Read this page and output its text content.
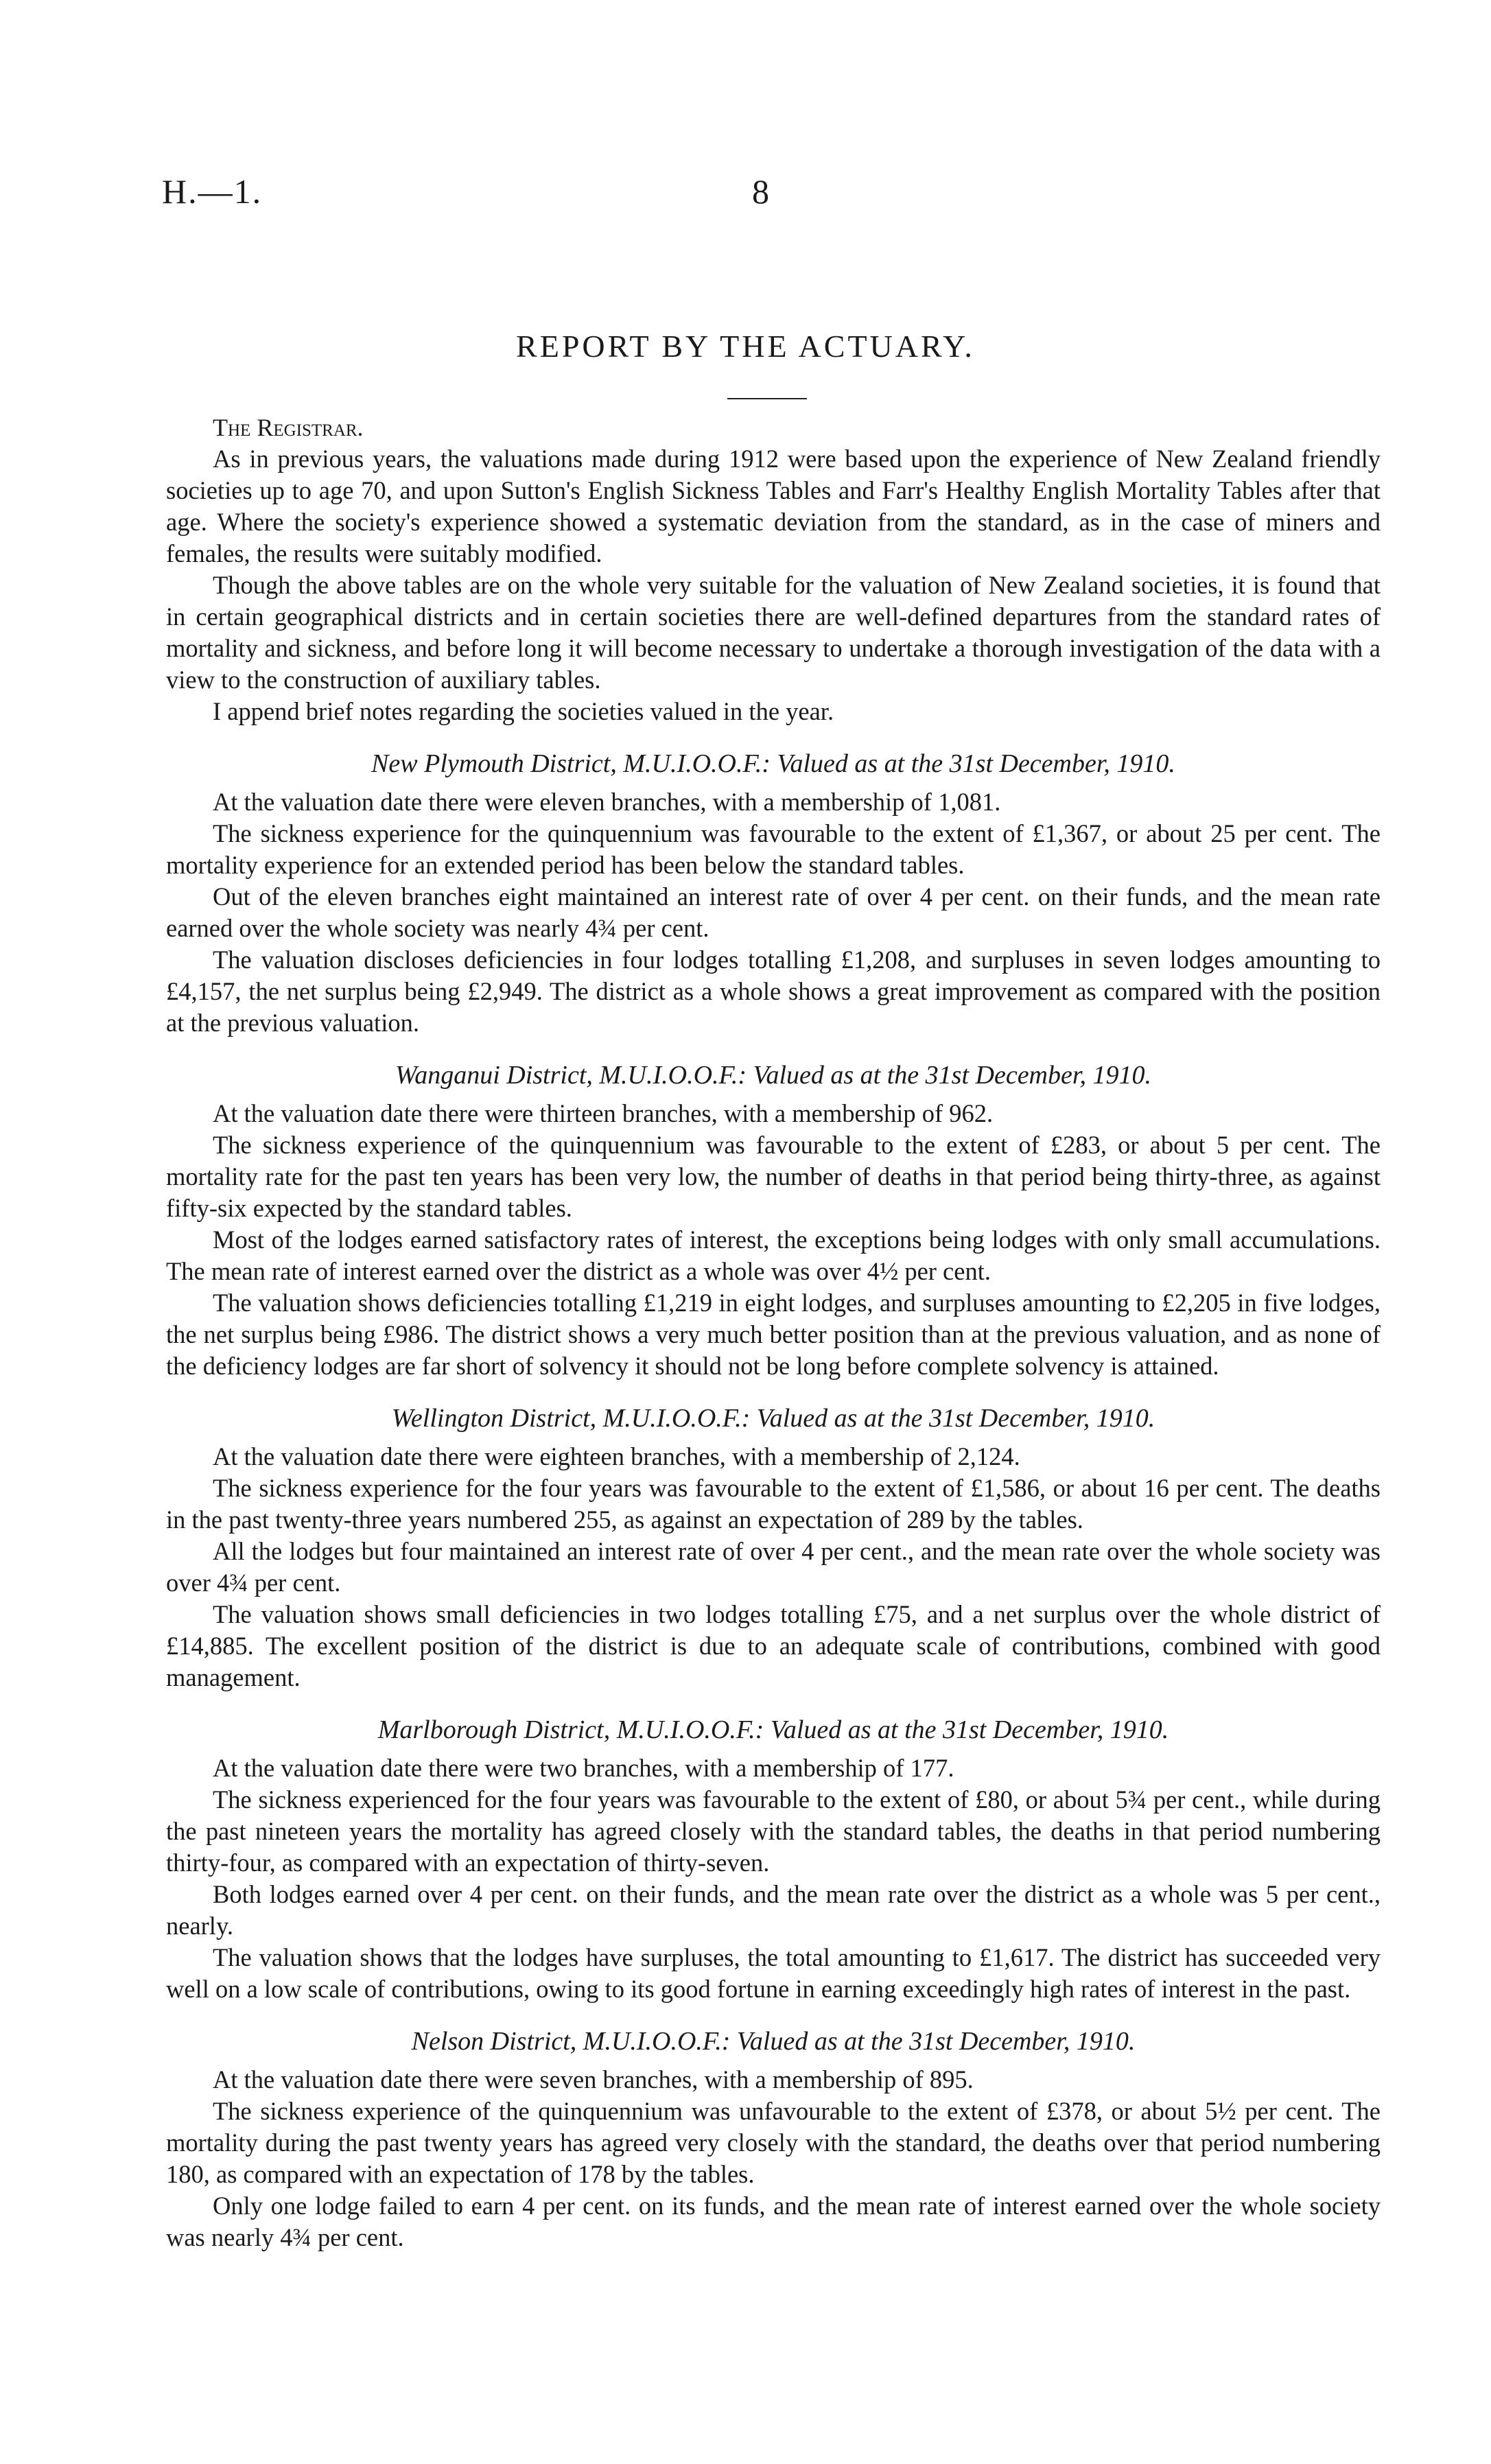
H.—1.	8
REPORT BY THE ACTUARY.

The Registrar.

As in previous years, the valuations made during 1912 were based upon the experience of New Zealand friendly societies up to age 70, and upon Sutton's English Sickness Tables and Farr's Healthy English Mortality Tables after that age. Where the society's experience showed a systematic deviation from the standard, as in the case of miners and females, the results were suitably modified.

Though the above tables are on the whole very suitable for the valuation of New Zealand societies, it is found that in certain geographical districts and in certain societies there are well-defined departures from the standard rates of mortality and sickness, and before long it will become necessary to undertake a thorough investigation of the data with a view to the construction of auxiliary tables.

I append brief notes regarding the societies valued in the year.

New Plymouth District, M.U.I.O.O.F.: Valued as at the 31st December, 1910.

At the valuation date there were eleven branches, with a membership of 1,081.

The sickness experience for the quinquennium was favourable to the extent of £1,367, or about 25 per cent. The mortality experience for an extended period has been below the standard tables.

Out of the eleven branches eight maintained an interest rate of over 4 per cent. on their funds, and the mean rate earned over the whole society was nearly 4¾ per cent.

The valuation discloses deficiencies in four lodges totalling £1,208, and surpluses in seven lodges amounting to £4,157, the net surplus being £2,949. The district as a whole shows a great improvement as compared with the position at the previous valuation.

Wanganui District, M.U.I.O.O.F.: Valued as at the 31st December, 1910.

At the valuation date there were thirteen branches, with a membership of 962.

The sickness experience of the quinquennium was favourable to the extent of £283, or about 5 per cent. The mortality rate for the past ten years has been very low, the number of deaths in that period being thirty-three, as against fifty-six expected by the standard tables.

Most of the lodges earned satisfactory rates of interest, the exceptions being lodges with only small accumulations. The mean rate of interest earned over the district as a whole was over 4½ per cent.

The valuation shows deficiencies totalling £1,219 in eight lodges, and surpluses amounting to £2,205 in five lodges, the net surplus being £986. The district shows a very much better position than at the previous valuation, and as none of the deficiency lodges are far short of solvency it should not be long before complete solvency is attained.

Wellington District, M.U.I.O.O.F.: Valued as at the 31st December, 1910.

At the valuation date there were eighteen branches, with a membership of 2,124.

The sickness experience for the four years was favourable to the extent of £1,586, or about 16 per cent. The deaths in the past twenty-three years numbered 255, as against an expectation of 289 by the tables.

All the lodges but four maintained an interest rate of over 4 per cent., and the mean rate over the whole society was over 4¾ per cent.

The valuation shows small deficiencies in two lodges totalling £75, and a net surplus over the whole district of £14,885. The excellent position of the district is due to an adequate scale of contributions, combined with good management.

Marlborough District, M.U.I.O.O.F.: Valued as at the 31st December, 1910.

At the valuation date there were two branches, with a membership of 177.

The sickness experienced for the four years was favourable to the extent of £80, or about 5¾ per cent., while during the past nineteen years the mortality has agreed closely with the standard tables, the deaths in that period numbering thirty-four, as compared with an expectation of thirty-seven.

Both lodges earned over 4 per cent. on their funds, and the mean rate over the district as a whole was 5 per cent., nearly.

The valuation shows that the lodges have surpluses, the total amounting to £1,617. The district has succeeded very well on a low scale of contributions, owing to its good fortune in earning exceedingly high rates of interest in the past.

Nelson District, M.U.I.O.O.F.: Valued as at the 31st December, 1910.

At the valuation date there were seven branches, with a membership of 895.

The sickness experience of the quinquennium was unfavourable to the extent of £378, or about 5½ per cent. The mortality during the past twenty years has agreed very closely with the standard, the deaths over that period numbering 180, as compared with an expectation of 178 by the tables.

Only one lodge failed to earn 4 per cent. on its funds, and the mean rate of interest earned over the whole society was nearly 4¾ per cent.
